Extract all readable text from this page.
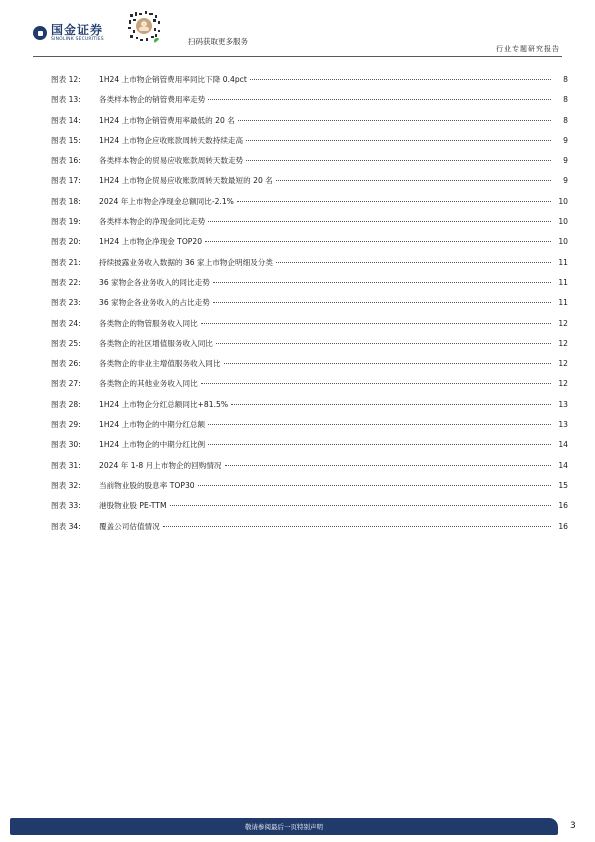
国金证券
SINOLINK SECURITIES	扫码获取更多服务
行业专题研究报告
图表 12:	1H24 上市物企销管费用率同比下降 0.4pct	8
图表 13:	各类样本物企的销管费用率走势	8
图表 14:	1H24 上市物企销管费用率最低的 20 名	8
图表 15:	1H24 上市物企应收账款周转天数持续走高	9
图表 16:	各类样本物企的贸易应收账款周转天数走势	9
图表 17:	1H24 上市物企贸易应收账款周转天数最短的 20 名	9
图表 18:	2024 年上市物企净现金总额同比-2.1%	10
图表 19:	各类样本物企的净现金同比走势	10
图表 20:	1H24 上市物企净现金 TOP20	10
图表 21:	持续披露业务收入数据的 36 家上市物企明细及分类	11
图表 22:	36 家物企各业务收入的同比走势	11
图表 23:	36 家物企各业务收入的占比走势	11
图表 24:	各类物企的物管服务收入同比	12
图表 25:	各类物企的社区增值服务收入同比	12
图表 26:	各类物企的非业主增值服务收入同比	12
图表 27:	各类物企的其他业务收入同比	12
图表 28:	1H24 上市物企分红总额同比+81.5%	13
图表 29:	1H24 上市物企的中期分红总额	13
图表 30:	1H24 上市物企的中期分红比例	14
图表 31:	2024 年 1-8 月上市物企的回购情况	14
图表 32:	当前物业股的股息率 TOP30	15
图表 33:	港股物业股 PE-TTM	16
图表 34:	覆盖公司估值情况	16
敬请参阅最后一页特别声明	3
